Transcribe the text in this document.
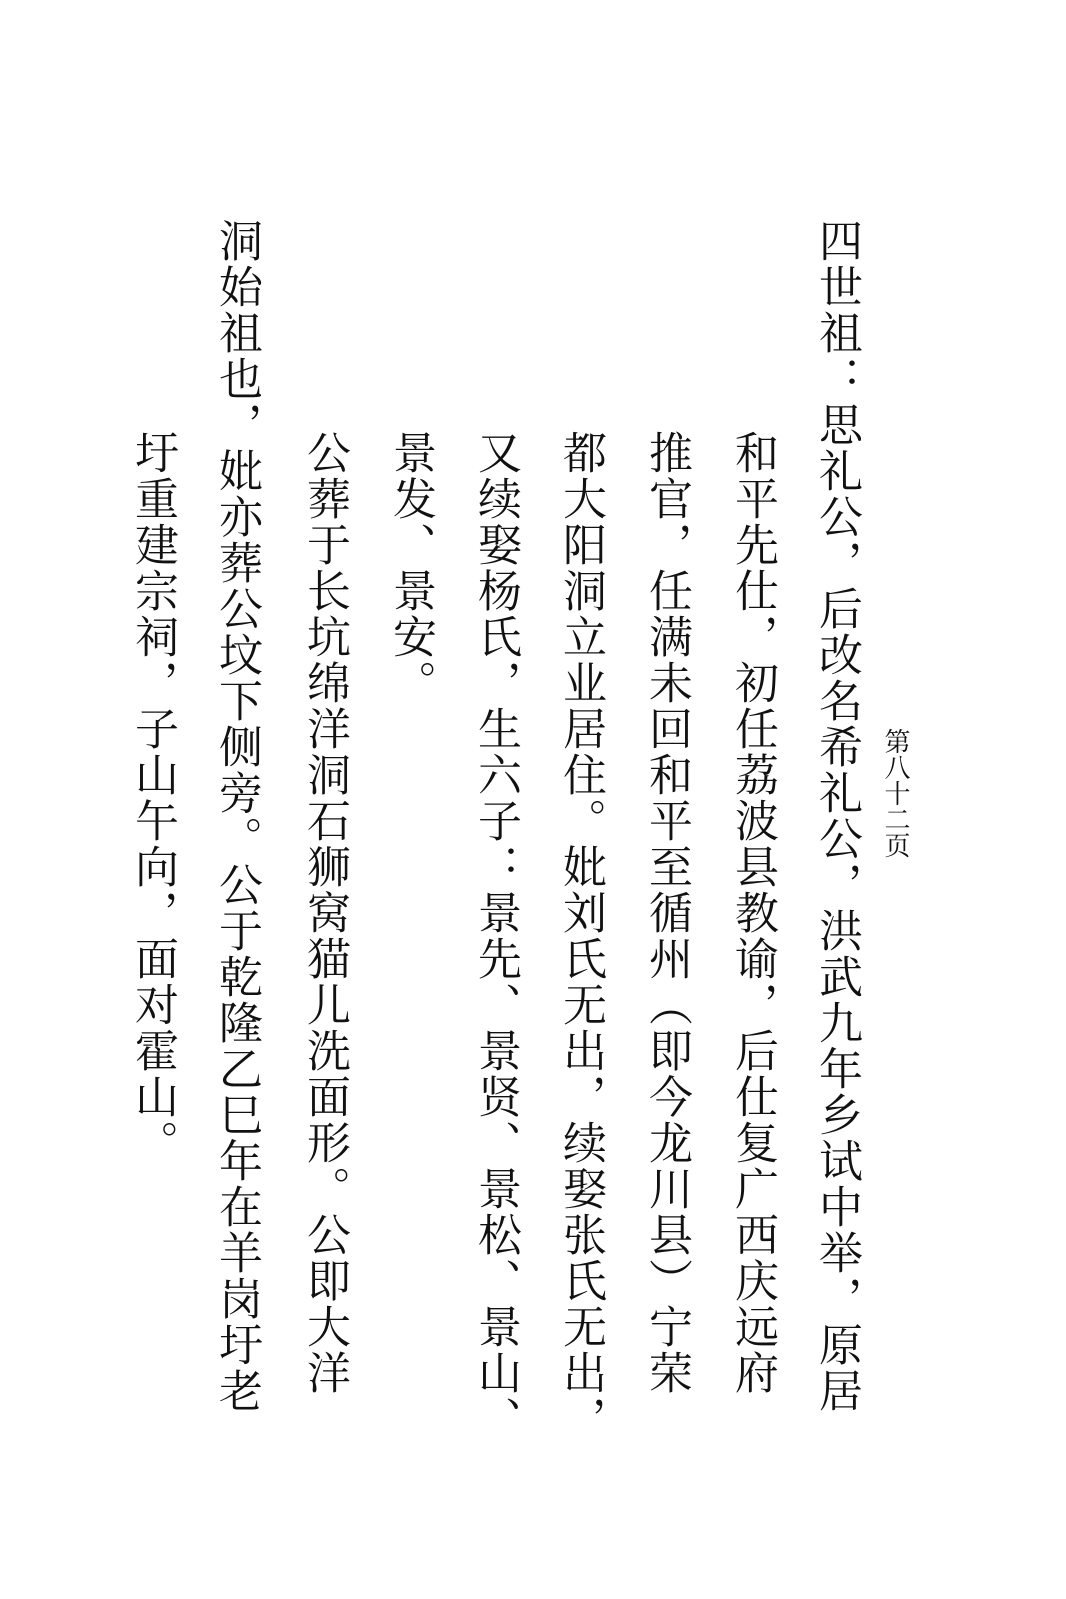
第八十二页
四世祖：思礼公，后改名希礼公，洪武九年乡试中举，原居
和平先仕，初任荔波县教谕，后仕复广西庆远府
推官，任满未回和平至循州（即今龙川县）宁荣
都大阳洞立业居住。妣刘氏无出，续娶张氏无出，
又续娶杨氏，生六子：景先、景贤、景松、景山、
景发、景安。
公葬于长坑绵洋洞石狮窝猫儿洗面形。公即大洋
洞始祖也，妣亦葬公坟下侧旁。公于乾隆乙巳年在羊岗圩老
圩重建宗祠，子山午向，面对霍山。
